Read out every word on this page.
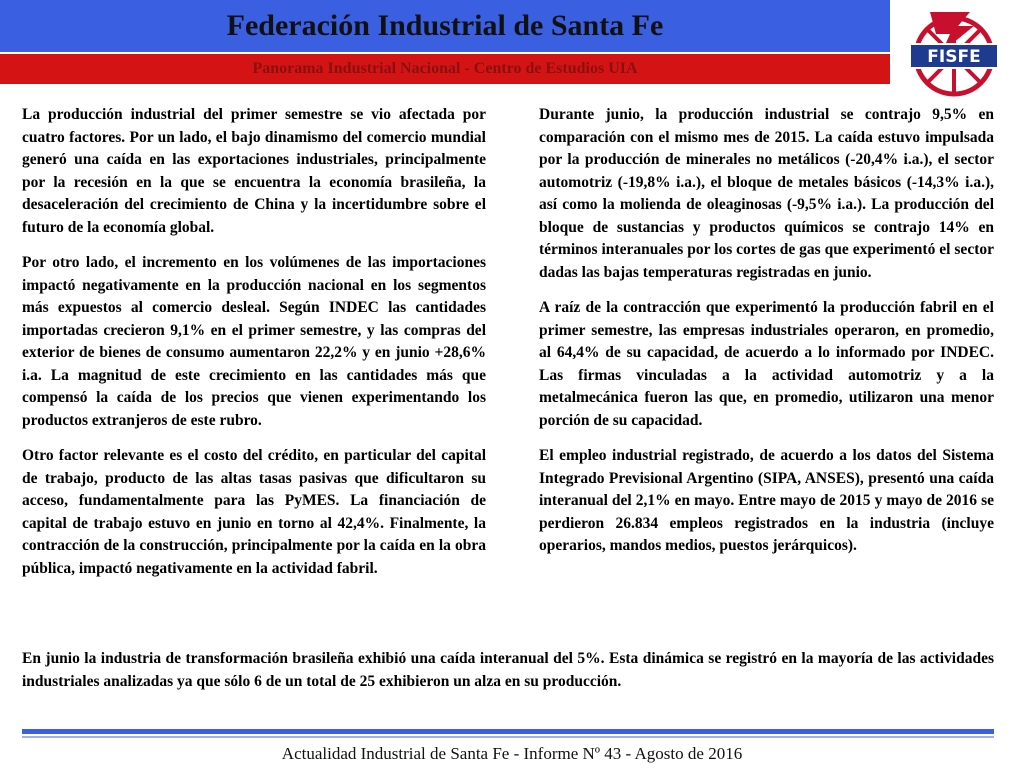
Federación Industrial de Santa Fe
Panorama Industrial Nacional - Centro de Estudios UIA
FISFE

La producción industrial del primer semestre se vio afectada por cuatro factores. Por un lado, el bajo dinamismo del comercio mundial generó una caída en las exportaciones industriales, principalmente por la recesión en la que se encuentra la economía brasileña, la desaceleración del crecimiento de China y la incertidumbre sobre el futuro de la economía global.

Por otro lado, el incremento en los volúmenes de las importaciones impactó negativamente en la producción nacional en los segmentos más expuestos al comercio desleal. Según INDEC las cantidades importadas crecieron 9,1% en el primer semestre, y las compras del exterior de bienes de consumo aumentaron 22,2% y en junio +28,6% i.a. La magnitud de este crecimiento en las cantidades más que compensó la caída de los precios que vienen experimentando los productos extranjeros de este rubro.

Otro factor relevante es el costo del crédito, en particular del capital de trabajo, producto de las altas tasas pasivas que dificultaron su acceso, fundamentalmente para las PyMES. La financiación de capital de trabajo estuvo en junio en torno al 42,4%. Finalmente, la contracción de la construcción, principalmente por la caída en la obra pública, impactó negativamente en la actividad fabril.

Durante junio, la producción industrial se contrajo 9,5% en comparación con el mismo mes de 2015. La caída estuvo impulsada por la producción de minerales no metálicos (-20,4% i.a.), el sector automotriz (-19,8% i.a.), el bloque de metales básicos (-14,3% i.a.), así como la molienda de oleaginosas (-9,5% i.a.). La producción del bloque de sustancias y productos químicos se contrajo 14% en términos interanuales por los cortes de gas que experimentó el sector dadas las bajas temperaturas registradas en junio.

A raíz de la contracción que experimentó la producción fabril en el primer semestre, las empresas industriales operaron, en promedio, al 64,4% de su capacidad, de acuerdo a lo informado por INDEC. Las firmas vinculadas a la actividad automotriz y a la metalmecánica fueron las que, en promedio, utilizaron una menor porción de su capacidad.

El empleo industrial registrado, de acuerdo a los datos del Sistema Integrado Previsional Argentino (SIPA, ANSES), presentó una caída interanual del 2,1% en mayo. Entre mayo de 2015 y mayo de 2016 se perdieron 26.834 empleos registrados en la industria (incluye operarios, mandos medios, puestos jerárquicos).

En junio la industria de transformación brasileña exhibió una caída interanual del 5%. Esta dinámica se registró en la mayoría de las actividades industriales analizadas ya que sólo 6 de un total de 25 exhibieron un alza en su producción.

Actualidad Industrial de Santa Fe - Informe Nº 43 - Agosto de 2016
